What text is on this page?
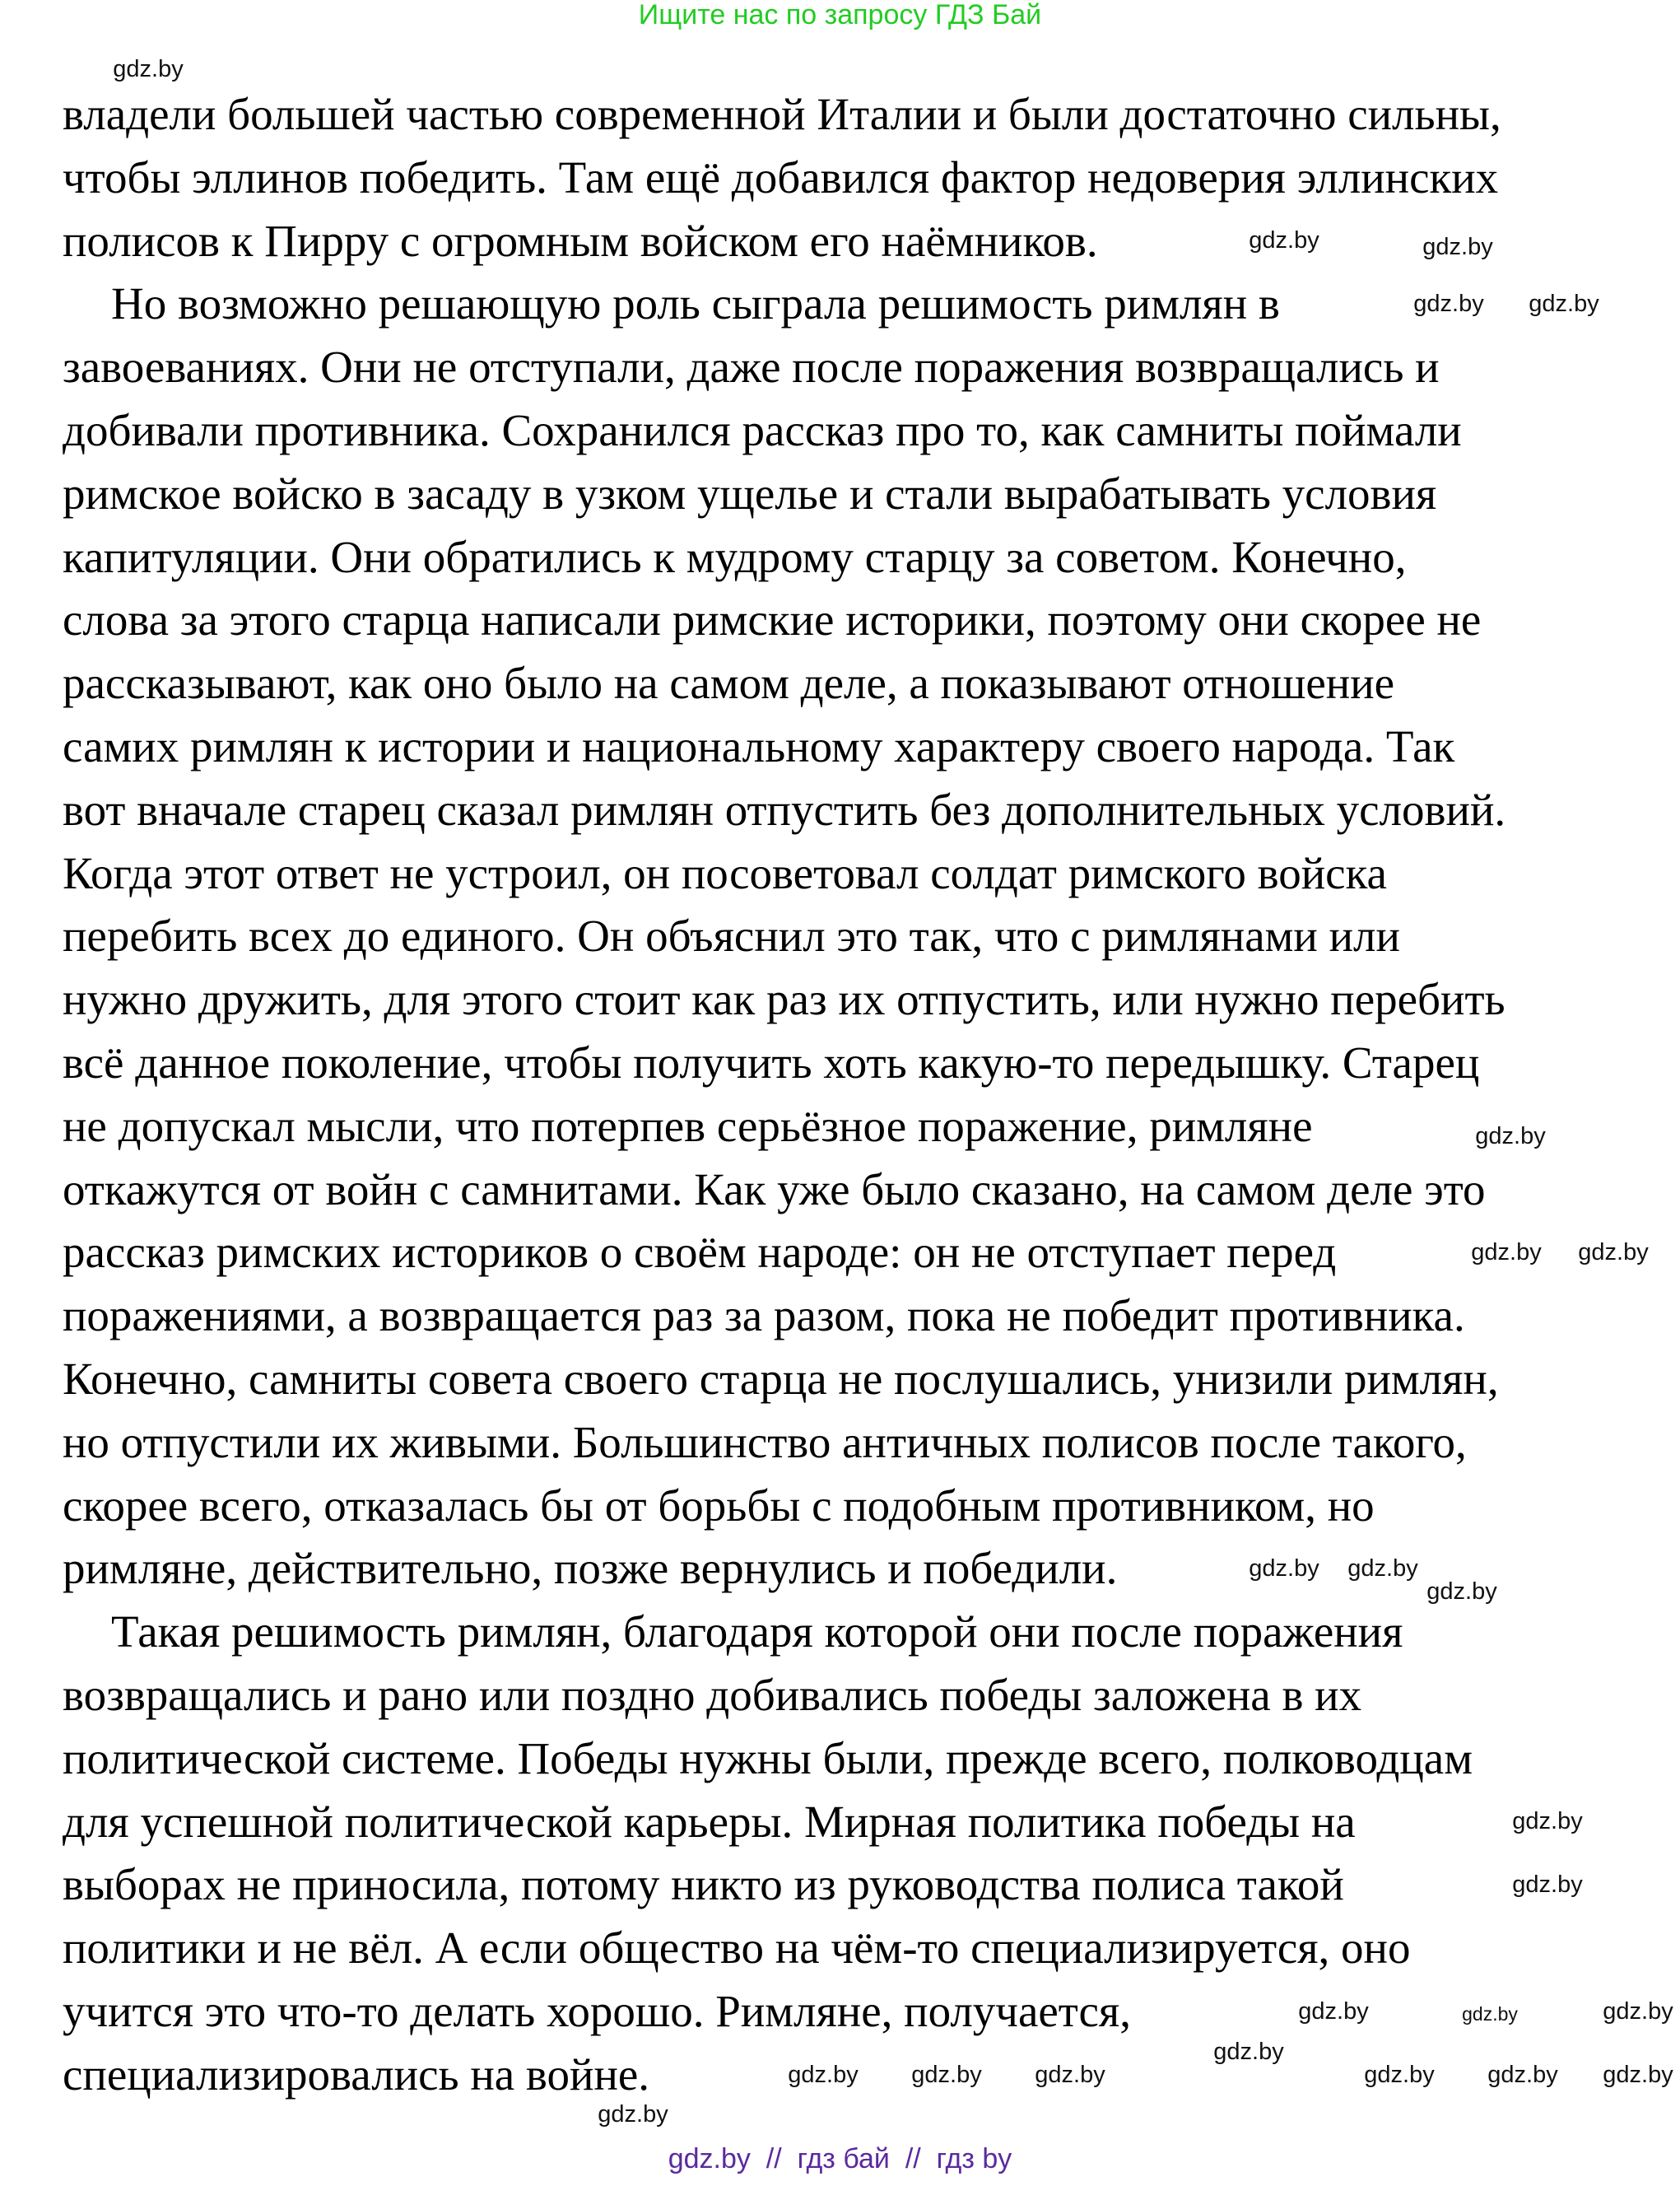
Ищите нас по запросу ГДЗ Бай
владели большей частью современной Италии и были достаточно сильны,
чтобы эллинов победить. Там ещё добавился фактор недоверия эллинских
полисов к Пирру с огромным войском его наёмников.
Но возможно решающую роль сыграла решимость римлян в
завоеваниях. Они не отступали, даже после поражения возвращались и
добивали противника. Сохранился рассказ про то, как самниты поймали
римское войско в засаду в узком ущелье и стали вырабатывать условия
капитуляции. Они обратились к мудрому старцу за советом. Конечно,
слова за этого старца написали римские историки, поэтому они скорее не
рассказывают, как оно было на самом деле, а показывают отношение
самих римлян к истории и национальному характеру своего народа. Так
вот вначале старец сказал римлян отпустить без дополнительных условий.
Когда этот ответ не устроил, он посоветовал солдат римского войска
перебить всех до единого. Он объяснил это так, что с римлянами или
нужно дружить, для этого стоит как раз их отпустить, или нужно перебить
всё данное поколение, чтобы получить хоть какую-то передышку. Старец
не допускал мысли, что потерпев серьёзное поражение, римляне
откажутся от войн с самнитами. Как уже было сказано, на самом деле это
рассказ римских историков о своём народе: он не отступает перед
поражениями, а возвращается раз за разом, пока не победит противника.
Конечно, самниты совета своего старца не послушались, унизили римлян,
но отпустили их живыми. Большинство античных полисов после такого,
скорее всего, отказалась бы от борьбы с подобным противником, но
римляне, действительно, позже вернулись и победили.
Такая решимость римлян, благодаря которой они после поражения
возвращались и рано или поздно добивались победы заложена в их
политической системе. Победы нужны были, прежде всего, полководцам
для успешной политической карьеры. Мирная политика победы на
выборах не приносила, потому никто из руководства полиса такой
политики и не вёл. А если общество на чём-то специализируется, оно
учится это что-то делать хорошо. Римляне, получается,
специализировались на войне.
gdz.by
gdz.by	gdz.by
gdz.by gdz.by
gdz.by
gdz.by gdz.by
gdz.by gdz.by
gdz.by
gdz.by
gdz.by
gdz.by	gdz.by	gdz.by
gdz.by
gdz.by gdz.by gdz.by	gdz.by gdz.by gdz.by
gdz.by
gdz.by  //  гдз бай  //  гдз by
